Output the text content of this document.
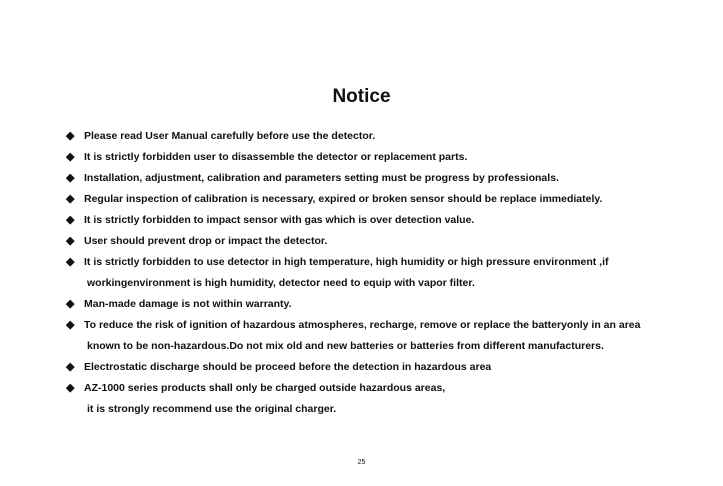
Notice
◆ Please read User Manual carefully before use the detector.
◆ It is strictly forbidden user to disassemble the detector or replacement parts.
◆ Installation, adjustment, calibration and parameters setting must be progress by professionals.
◆ Regular inspection of calibration is necessary, expired or broken sensor should be replace immediately.
◆ It is strictly forbidden to impact sensor with gas which is over detection value.
◆ User should prevent drop or impact the detector.
◆ It is strictly forbidden to use detector in high temperature, high humidity or high pressure environment ,if
workingenvironment is high humidity, detector need to equip with vapor filter.
◆ Man-made damage is not within warranty.
◆ To reduce the risk of ignition of hazardous atmospheres, recharge, remove or replace the batteryonly in an area
known to be non-hazardous.Do not mix old and new batteries or batteries from different manufacturers.
◆ Electrostatic discharge should be proceed before the detection in hazardous area
◆ AZ-1000 series products shall only be charged outside hazardous areas,
it is strongly recommend use the original charger.
25
